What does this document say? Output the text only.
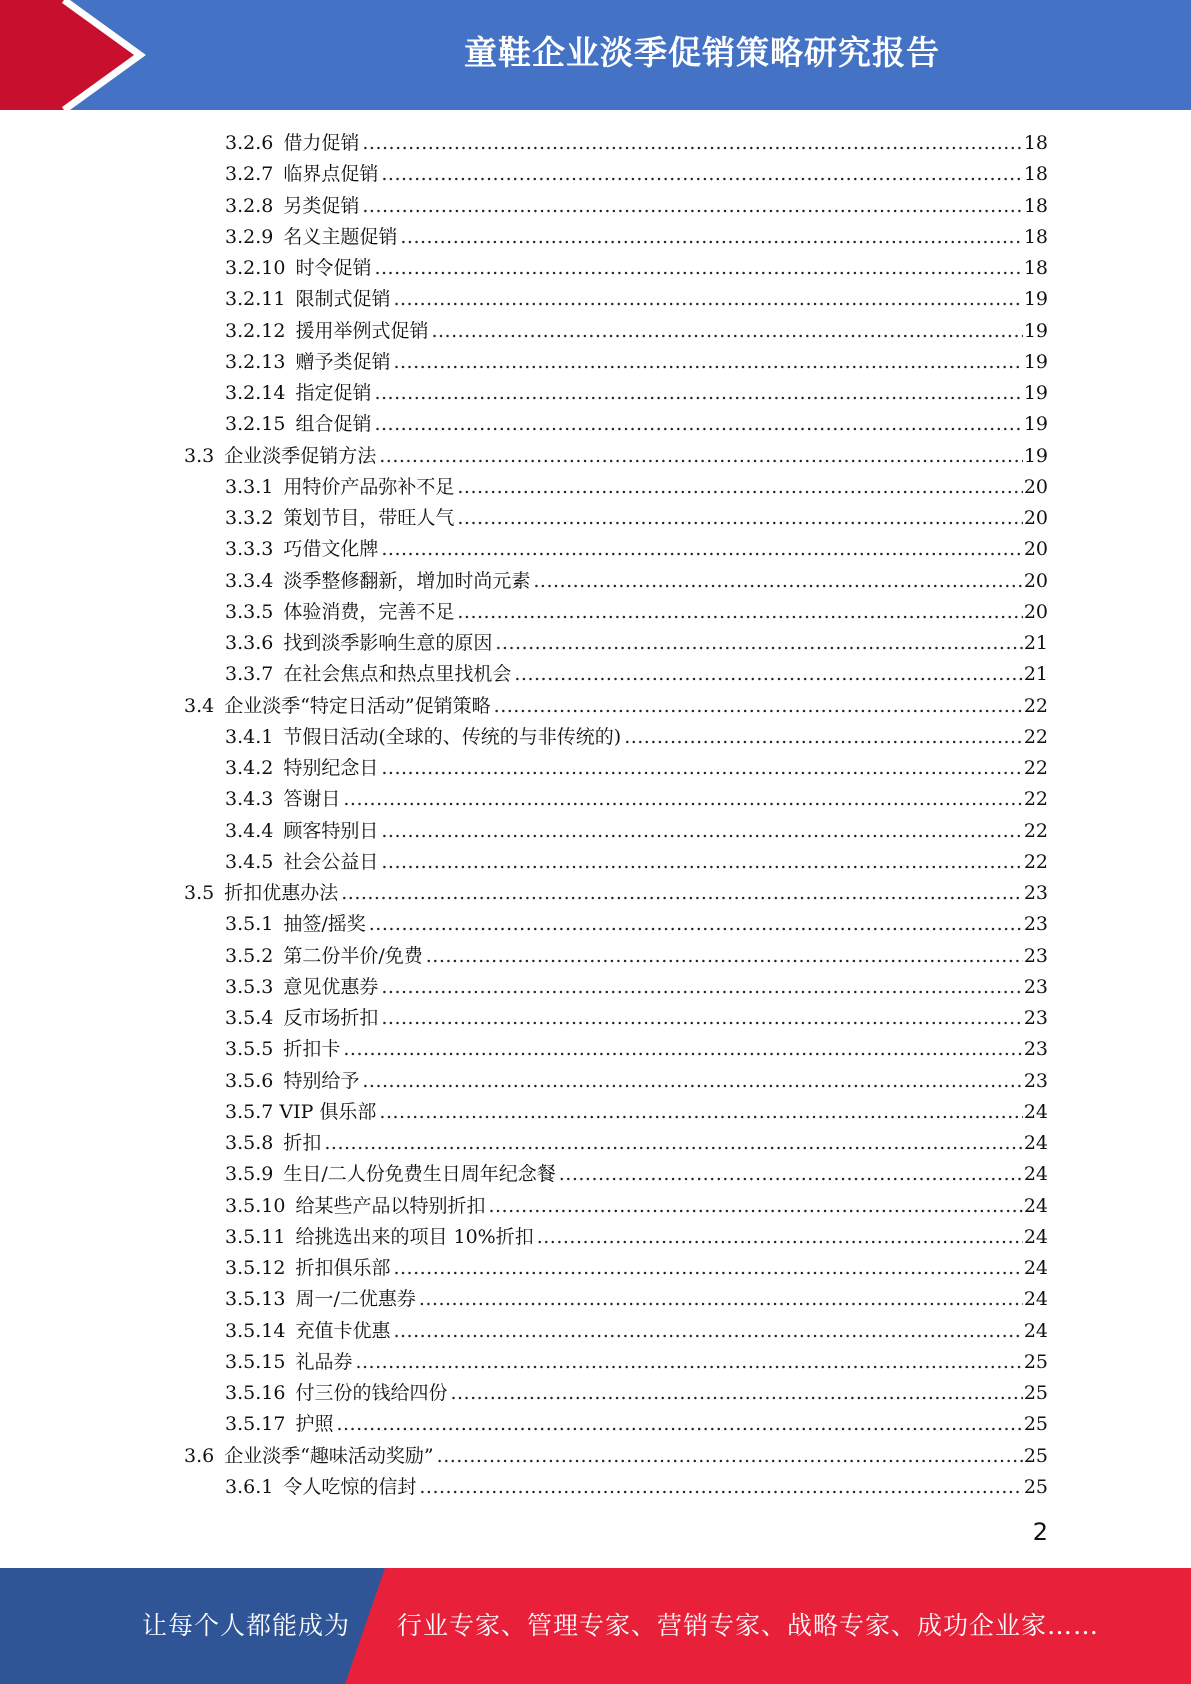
童鞋企业淡季促销策略研究报告
3.2.6 借力促销 .....	18
3.2.7 临界点促销 .....	18
3.2.8 另类促销 .....	18
3.2.9 名义主题促销 .....	18
3.2.10 时令促销 .....	18
3.2.11 限制式促销 .....	19
3.2.12 援用举例式促销 .....	19
3.2.13 赠予类促销 .....	19
3.2.14 指定促销 .....	19
3.2.15 组合促销 .....	19
3.3 企业淡季促销方法 .....	19
3.3.1 用特价产品弥补不足 .....	20
3.3.2 策划节目，带旺人气 .....	20
3.3.3 巧借文化牌 .....	20
3.3.4 淡季整修翻新，增加时尚元素 .....	20
3.3.5 体验消费，完善不足 .....	20
3.3.6 找到淡季影响生意的原因 .....	21
3.3.7 在社会焦点和热点里找机会 .....	21
3.4 企业淡季“特定日活动”促销策略 .....	22
3.4.1 节假日活动(全球的、传统的与非传统的) .....	22
3.4.2 特别纪念日 .....	22
3.4.3 答谢日 .....	22
3.4.4 顾客特别日 .....	22
3.4.5 社会公益日 .....	22
3.5 折扣优惠办法 .....	23
3.5.1 抽签/摇奖 .....	23
3.5.2 第二份半价/免费 .....	23
3.5.3 意见优惠券 .....	23
3.5.4 反市场折扣 .....	23
3.5.5 折扣卡 .....	23
3.5.6 特别给予 .....	23
3.5.7 VIP 俱乐部 .....	24
3.5.8 折扣 .....	24
3.5.9 生日/二人份免费生日周年纪念餐 .....	24
3.5.10 给某些产品以特别折扣 .....	24
3.5.11 给挑选出来的项目 10%折扣 .....	24
3.5.12 折扣俱乐部 .....	24
3.5.13 周一/二优惠券 .....	24
3.5.14 充值卡优惠 .....	24
3.5.15 礼品券 .....	25
3.5.16 付三份的钱给四份 .....	25
3.5.17 护照 .....	25
3.6 企业淡季“趣味活动奖励” .....	25
3.6.1 令人吃惊的信封 .....	25
2
让每个人都能成为 行业专家、管理专家、营销专家、战略专家、成功企业家……
